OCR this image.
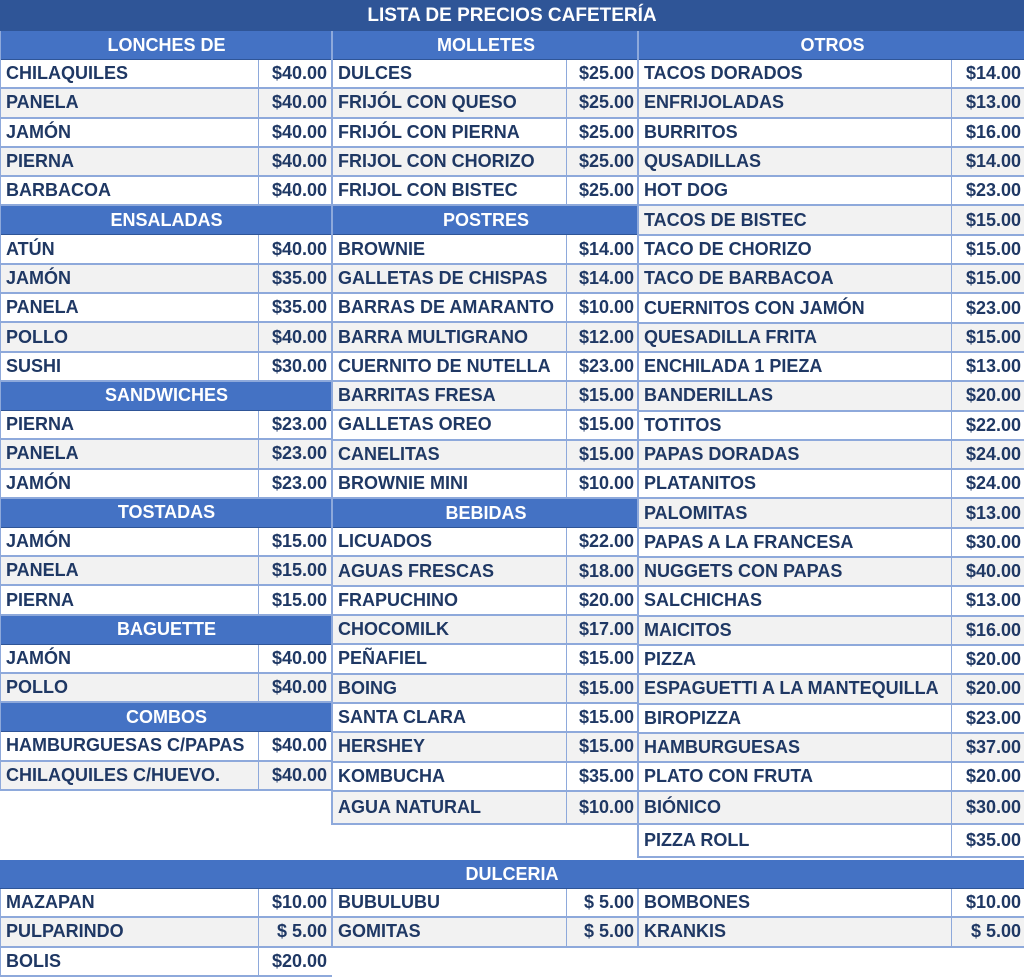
LISTA DE PRECIOS CAFETERÍA
LONCHES DE
CHILAQUILES	$40.00
PANELA	$40.00
JAMÓN	$40.00
PIERNA	$40.00
BARBACOA	$40.00
ENSALADAS
ATÚN	$40.00
JAMÓN	$35.00
PANELA	$35.00
POLLO	$40.00
SUSHI	$30.00
SANDWICHES
PIERNA	$23.00
PANELA	$23.00
JAMÓN	$23.00
TOSTADAS
JAMÓN	$15.00
PANELA	$15.00
PIERNA	$15.00
BAGUETTE
JAMÓN	$40.00
POLLO	$40.00
COMBOS
HAMBURGUESAS C/PAPAS	$40.00
CHILAQUILES C/HUEVO.	$40.00
MOLLETES
DULCES	$25.00
FRIJÓL CON QUESO	$25.00
FRIJÓL CON PIERNA	$25.00
FRIJOL CON CHORIZO	$25.00
FRIJOL CON BISTEC	$25.00
POSTRES
BROWNIE	$14.00
GALLETAS DE CHISPAS	$14.00
BARRAS DE AMARANTO	$10.00
BARRA MULTIGRANO	$12.00
CUERNITO DE NUTELLA	$23.00
BARRITAS FRESA	$15.00
GALLETAS OREO	$15.00
CANELITAS	$15.00
BROWNIE MINI	$10.00
BEBIDAS
LICUADOS	$22.00
AGUAS FRESCAS	$18.00
FRAPUCHINO	$20.00
CHOCOMILK	$17.00
PEÑAFIEL	$15.00
BOING	$15.00
SANTA CLARA	$15.00
HERSHEY	$15.00
KOMBUCHA	$35.00
AGUA NATURAL	$10.00
OTROS
TACOS DORADOS	$14.00
ENFRIJOLADAS	$13.00
BURRITOS	$16.00
QUSADILLAS	$14.00
HOT DOG	$23.00
TACOS DE BISTEC	$15.00
TACO DE CHORIZO	$15.00
TACO DE BARBACOA	$15.00
CUERNITOS CON JAMÓN	$23.00
QUESADILLA FRITA	$15.00
ENCHILADA 1 PIEZA	$13.00
BANDERILLAS	$20.00
TOTITOS	$22.00
PAPAS DORADAS	$24.00
PLATANITOS	$24.00
PALOMITAS	$13.00
PAPAS A LA FRANCESA	$30.00
NUGGETS CON PAPAS	$40.00
SALCHICHAS	$13.00
MAICITOS	$16.00
PIZZA	$20.00
ESPAGUETTI A LA MANTEQUILLA	$20.00
BIROPIZZA	$23.00
HAMBURGUESAS	$37.00
PLATO CON FRUTA	$20.00
BIÓNICO	$30.00
PIZZA ROLL	$35.00
DULCERIA
MAZAPAN	$10.00
PULPARINDO	$ 5.00
BOLIS	$20.00
BUBULUBU	$ 5.00
GOMITAS	$ 5.00
BOMBONES	$10.00
KRANKIS	$ 5.00
